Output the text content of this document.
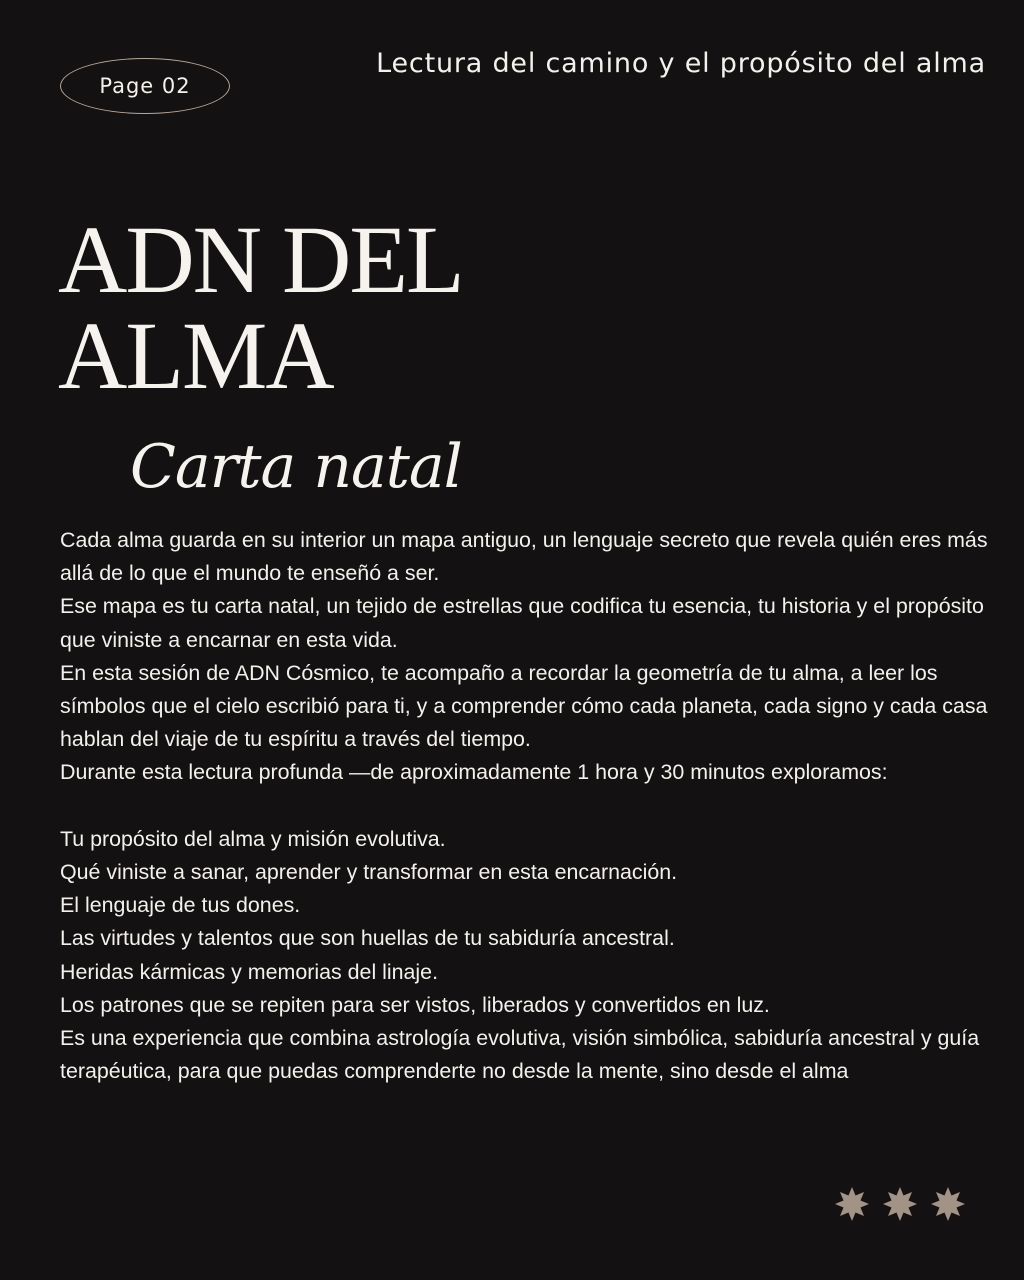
Page 02
Lectura del camino y el propósito del alma
ADN DEL
ALMA
Carta natal

Cada alma guarda en su interior un mapa antiguo, un lenguaje secreto que revela quién eres más allá de lo que el mundo te enseñó a ser.

Ese mapa es tu carta natal, un tejido de estrellas que codifica tu esencia, tu historia y el propósito que viniste a encarnar en esta vida.

En esta sesión de ADN Cósmico, te acompaño a recordar la geometría de tu alma, a leer los símbolos que el cielo escribió para ti, y a comprender cómo cada planeta, cada signo y cada casa hablan del viaje de tu espíritu a través del tiempo.

Durante esta lectura profunda —de aproximadamente 1 hora y 30 minutos exploramos:

Tu propósito del alma y misión evolutiva.

Qué viniste a sanar, aprender y transformar en esta encarnación.

El lenguaje de tus dones.

Las virtudes y talentos que son huellas de tu sabiduría ancestral.

Heridas kármicas y memorias del linaje.

Los patrones que se repiten para ser vistos, liberados y convertidos en luz.

Es una experiencia que combina astrología evolutiva, visión simbólica, sabiduría ancestral y guía terapéutica, para que puedas comprenderte no desde la mente, sino desde el alma
